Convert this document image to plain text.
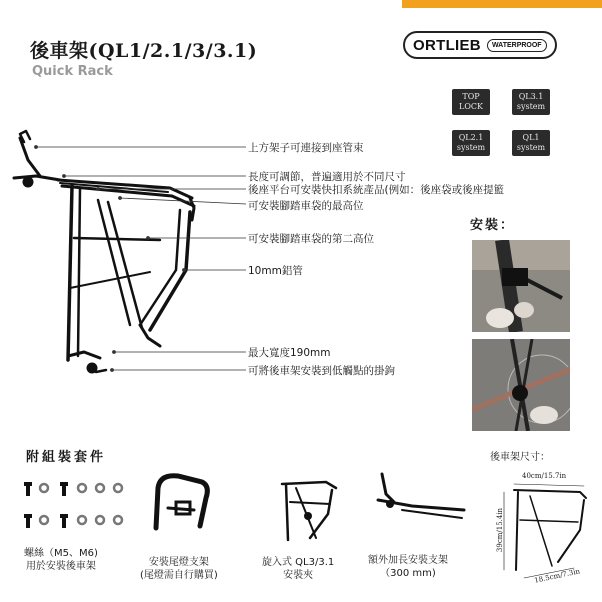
後車架(QL1/2.1/3/3.1)
Quick Rack
ORTLIEB	WATERPROOF
TOP
LOCK
QL3.1
system
QL2.1
system
QL1
system
上方架子可連接到座管束
長度可調節，普遍適用於不同尺寸
後座平台可安裝快扣系統產品(例如：後座袋或後座提籃
可安裝腳踏車袋的最高位
可安裝腳踏車袋的第二高位
10mm鋁管
最大寬度190mm
可將後車架安裝到低觸點的掛鉤
安裝：
附組裝套件
螺絲（M5、M6)
用於安裝後車架	安裝尾燈支架
(尾燈需自行購買)
旋入式 QL3/3.1
安裝夾
額外加長安裝支架
（300 mm)
後車架尺寸：
40cm/15.7in
39cm/15.4in
18.5cm/7.3in
